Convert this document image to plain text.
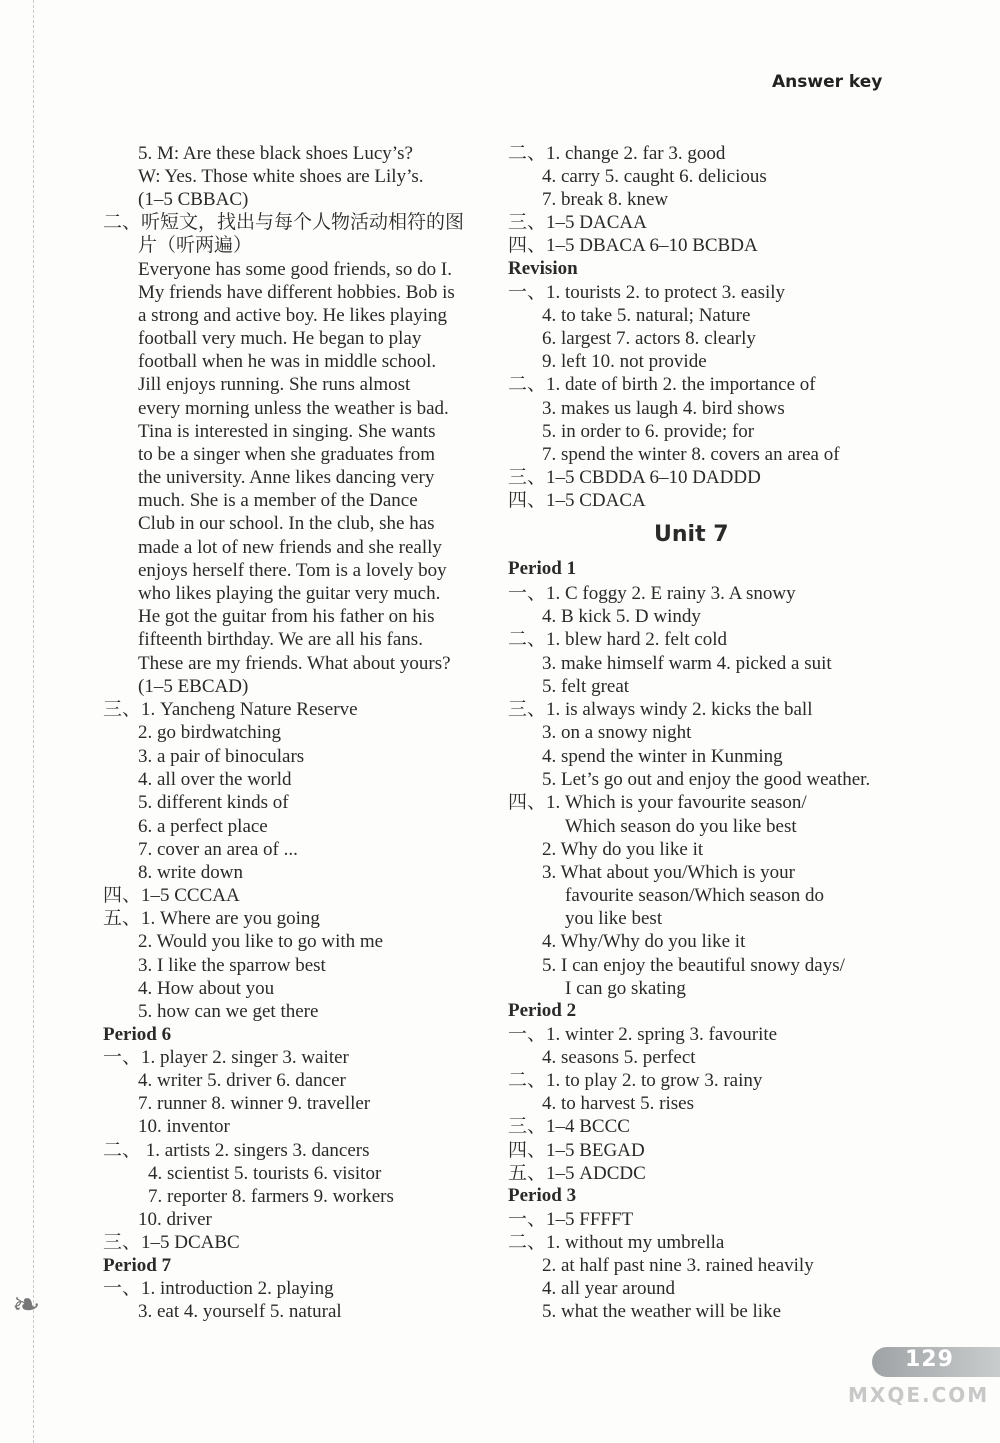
Answer key
5. M: Are these black shoes Lucy’s?
W: Yes. Those white shoes are Lily’s.
(1–5 CBBAC)
二、听短文，找出与每个人物活动相符的图
片（听两遍）
Everyone has some good friends, so do I.
My friends have different hobbies. Bob is
a strong and active boy. He likes playing
football very much. He began to play
football when he was in middle school.
Jill enjoys running. She runs almost
every morning unless the weather is bad.
Tina is interested in singing. She wants
to be a singer when she graduates from
the university. Anne likes dancing very
much. She is a member of the Dance
Club in our school. In the club, she has
made a lot of new friends and she really
enjoys herself there. Tom is a lovely boy
who likes playing the guitar very much.
He got the guitar from his father on his
fifteenth birthday. We are all his fans.
These are my friends. What about yours?
(1–5 EBCAD)
三、1. Yancheng Nature Reserve
2. go birdwatching
3. a pair of binoculars
4. all over the world
5. different kinds of
6. a perfect place
7. cover an area of ...
8. write down
四、1–5 CCCAA
五、1. Where are you going
2. Would you like to go with me
3. I like the sparrow best
4. How about you
5. how can we get there
Period 6
一、1. player 2. singer 3. waiter
4. writer 5. driver 6. dancer
7. runner 8. winner 9. traveller
10. inventor
二、 1. artists 2. singers 3. dancers
4. scientist 5. tourists 6. visitor
7. reporter 8. farmers 9. workers
10. driver
三、1–5 DCABC
Period 7
一、1. introduction 2. playing
3. eat 4. yourself 5. natural
二、1. change 2. far 3. good
4. carry 5. caught 6. delicious
7. break 8. knew
三、1–5 DACAA
四、1–5 DBACA 6–10 BCBDA
Revision
一、1. tourists 2. to protect 3. easily
4. to take 5. natural; Nature
6. largest 7. actors 8. clearly
9. left 10. not provide
二、1. date of birth 2. the importance of
3. makes us laugh 4. bird shows
5. in order to 6. provide; for
7. spend the winter 8. covers an area of
三、1–5 CBDDA 6–10 DADDD
四、1–5 CDACA
Unit 7
Period 1
一、1. C foggy 2. E rainy 3. A snowy
4. B kick 5. D windy
二、1. blew hard 2. felt cold
3. make himself warm 4. picked a suit
5. felt great
三、1. is always windy 2. kicks the ball
3. on a snowy night
4. spend the winter in Kunming
5. Let’s go out and enjoy the good weather.
四、1. Which is your favourite season/
Which season do you like best
2. Why do you like it
3. What about you/Which is your
favourite season/Which season do
you like best
4. Why/Why do you like it
5. I can enjoy the beautiful snowy days/
I can go skating
Period 2
一、1. winter 2. spring 3. favourite
4. seasons 5. perfect
二、1. to play 2. to grow 3. rainy
4. to harvest 5. rises
三、1–4 BCCC
四、1–5 BEGAD
五、1–5 ADCDC
Period 3
一、1–5 FFFFT
二、1. without my umbrella
2. at half past nine 3. rained heavily
4. all year around
5. what the weather will be like
❧
129
MXQE.COM
